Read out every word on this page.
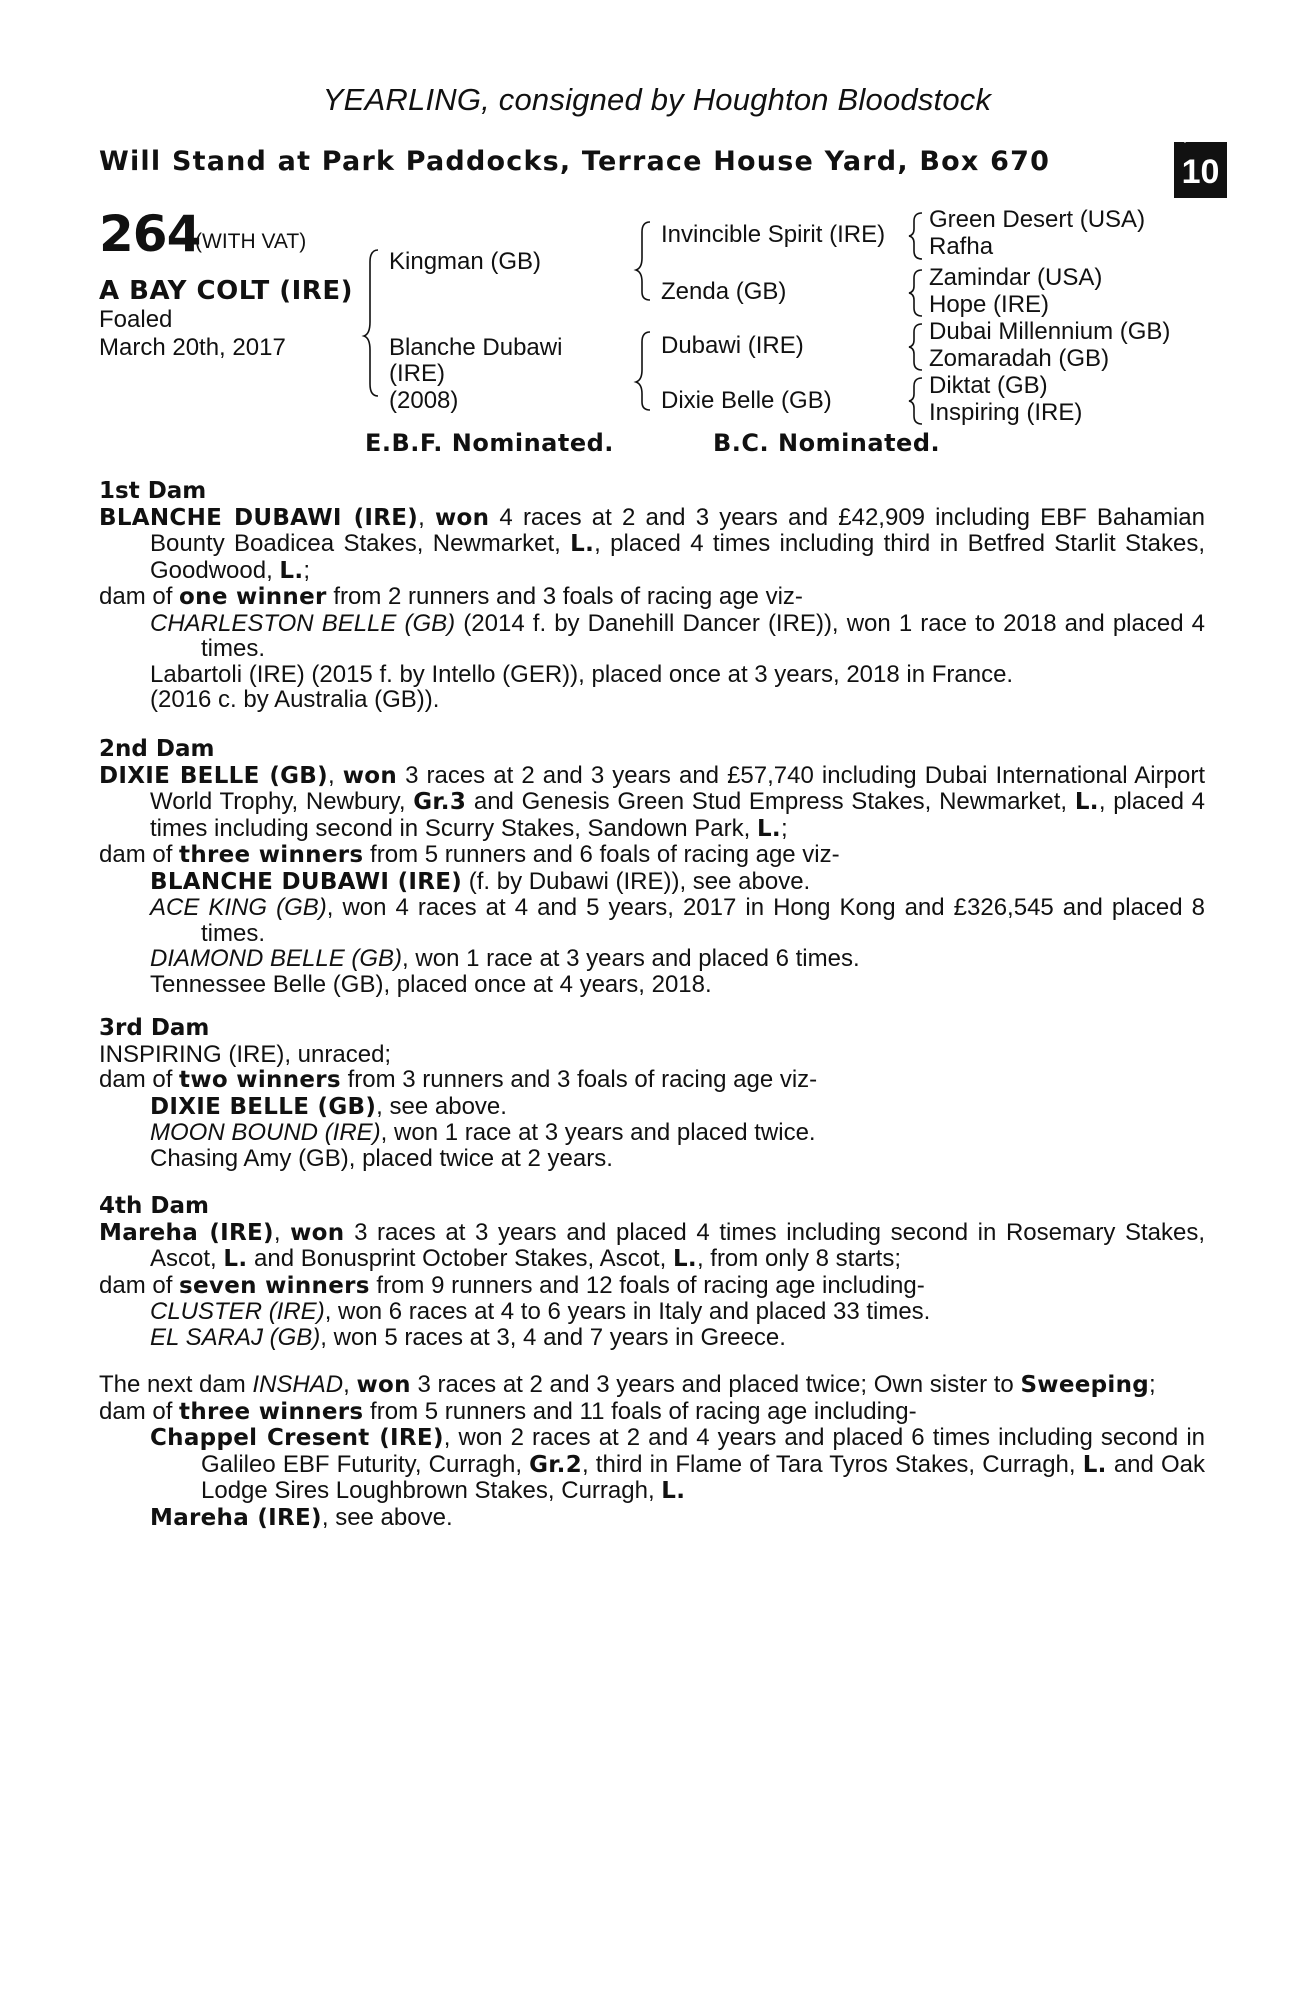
YEARLING, consigned by Houghton Bloodstock
Will Stand at Park Paddocks, Terrace House Yard, Box 670
+
10
264
(WITH VAT)
A BAY COLT (IRE)
Foaled
March 20th, 2017
Kingman (GB)
Blanche Dubawi
(IRE)
(2008)
Invincible Spirit (IRE)
Zenda (GB)
Dubawi (IRE)
Dixie Belle (GB)
Green Desert (USA)
Rafha
Zamindar (USA)
Hope (IRE)
Dubai Millennium (GB)
Zomaradah (GB)
Diktat (GB)
Inspiring (IRE)
E.B.F. Nominated.	B.C. Nominated.

1st Dam

BLANCHE DUBAWI (IRE), won 4 races at 2 and 3 years and £42,909 including EBF Bahamian Bounty Boadicea Stakes, Newmarket, L., placed 4 times including third in Betfred Starlit Stakes, Goodwood, L.;

dam of one winner from 2 runners and 3 foals of racing age viz-

CHARLESTON BELLE (GB) (2014 f. by Danehill Dancer (IRE)), won 1 race to 2018 and placed 4 times.

Labartoli (IRE) (2015 f. by Intello (GER)), placed once at 3 years, 2018 in France.

(2016 c. by Australia (GB)).

2nd Dam

DIXIE BELLE (GB), won 3 races at 2 and 3 years and £57,740 including Dubai International Airport World Trophy, Newbury, Gr.3 and Genesis Green Stud Empress Stakes, Newmarket, L., placed 4 times including second in Scurry Stakes, Sandown Park, L.;

dam of three winners from 5 runners and 6 foals of racing age viz-

BLANCHE DUBAWI (IRE) (f. by Dubawi (IRE)), see above.

ACE KING (GB), won 4 races at 4 and 5 years, 2017 in Hong Kong and £326,545 and placed 8 times.

DIAMOND BELLE (GB), won 1 race at 3 years and placed 6 times.

Tennessee Belle (GB), placed once at 4 years, 2018.

3rd Dam

INSPIRING (IRE), unraced;

dam of two winners from 3 runners and 3 foals of racing age viz-

DIXIE BELLE (GB), see above.

MOON BOUND (IRE), won 1 race at 3 years and placed twice.

Chasing Amy (GB), placed twice at 2 years.

4th Dam

Mareha (IRE), won 3 races at 3 years and placed 4 times including second in Rosemary Stakes, Ascot, L. and Bonusprint October Stakes, Ascot, L., from only 8 starts;

dam of seven winners from 9 runners and 12 foals of racing age including-

CLUSTER (IRE), won 6 races at 4 to 6 years in Italy and placed 33 times.

EL SARAJ (GB), won 5 races at 3, 4 and 7 years in Greece.

The next dam INSHAD, won 3 races at 2 and 3 years and placed twice; Own sister to Sweeping;

dam of three winners from 5 runners and 11 foals of racing age including-

Chappel Cresent (IRE), won 2 races at 2 and 4 years and placed 6 times including second in Galileo EBF Futurity, Curragh, Gr.2, third in Flame of Tara Tyros Stakes, Curragh, L. and Oak Lodge Sires Loughbrown Stakes, Curragh, L.

Mareha (IRE), see above.
